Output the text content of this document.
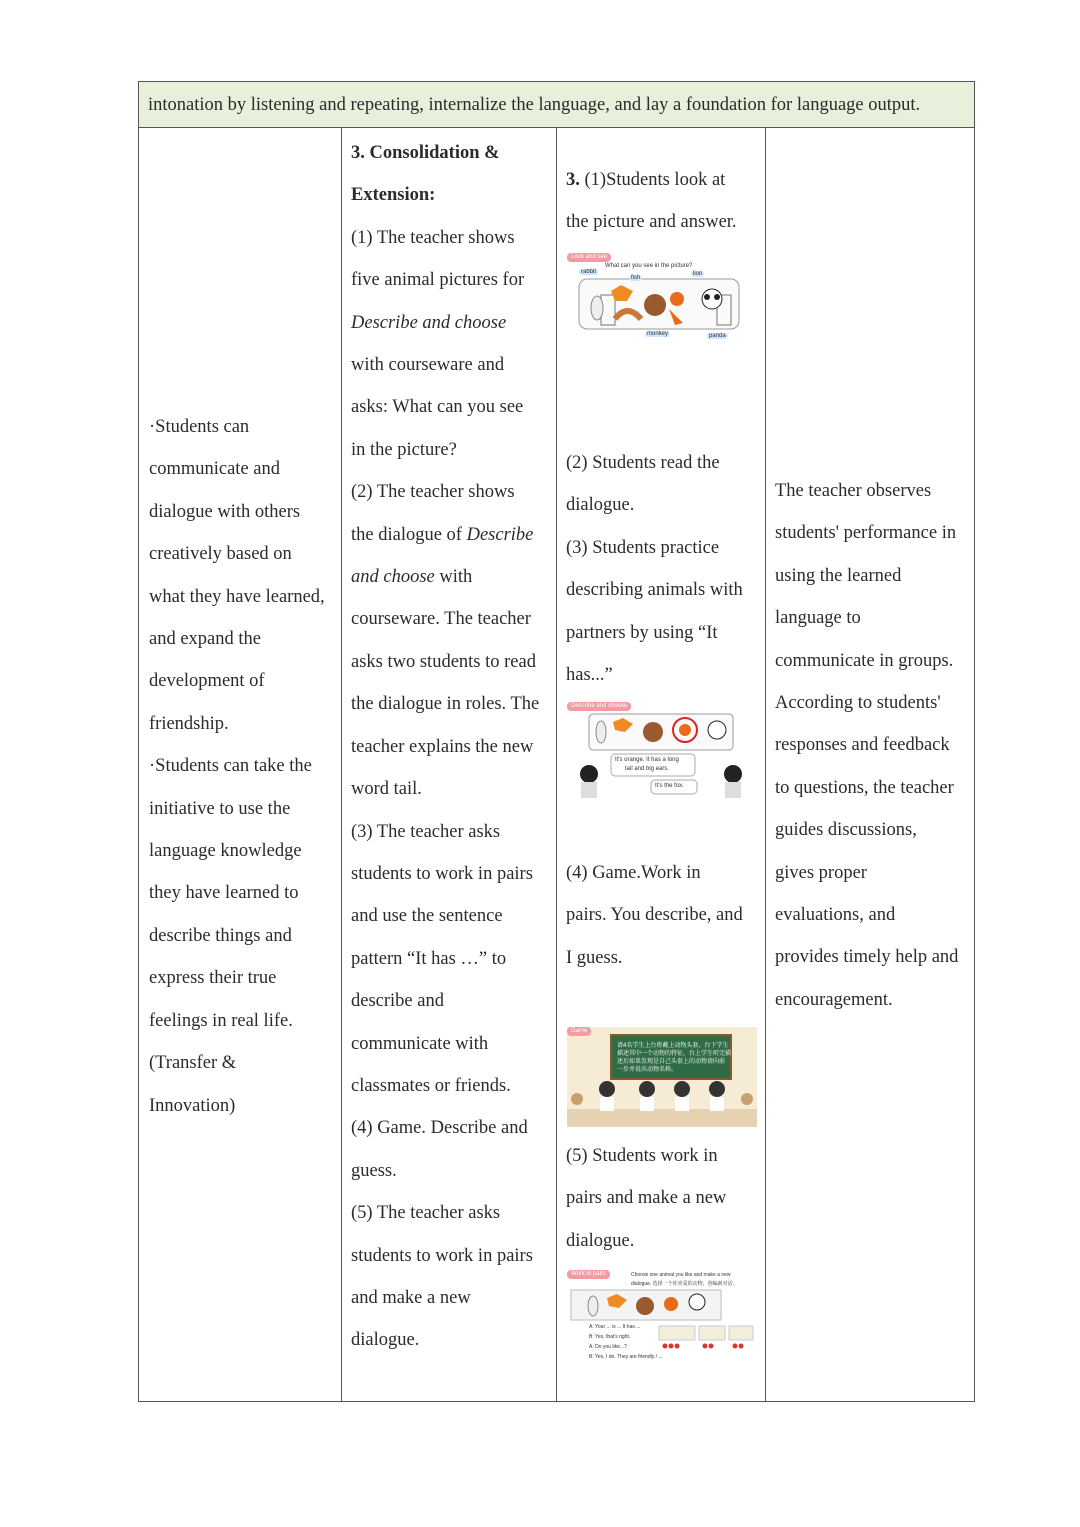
intonation by listening and repeating, internalize the language, and lay a foundation for language output.

·Students can

communicate and

dialogue with others

creatively based on

what they have learned,

and expand the

development of

friendship.

·Students can take the

initiative to use the

language knowledge

they have learned to

describe things and

express their true

feelings in real life.

(Transfer &

Innovation)

3. Consolidation &

Extension:

(1) The teacher shows

five animal pictures for

Describe and choose

with courseware and

asks: What can you see

in the picture?

(2) The teacher shows

the dialogue of Describe

and choose with

courseware. The teacher

asks two students to read

the dialogue in roles. The

teacher explains the new

word tail.

(3) The teacher asks

students to work in pairs

and use the sentence

pattern “It has …” to

describe and

communicate with

classmates or friends.

(4) Game. Describe and

guess.

(5) The teacher asks

students to work in pairs

and make a new

dialogue.

3. (1)Students look at

the picture and answer.

Look and see
What can you see in the picture?
rabbit
fish
lion
monkey	panda

(2) Students read the

dialogue.

(3) Students practice

describing animals with

partners by using “It

has...”

Describe and choose
It's orange. It has a long
tail and big ears.
It's the fox.

(4) Game.Work in

pairs. You describe, and

I guess.

Game
请4名学生上台将戴上动物头套，台下学生
描述其中一个动物的特征，台上学生听完描
述后如果发现是自己头套上的动物请向前
一步并说出动物名称。

(5) Students work in

pairs and make a new

dialogue.

Work in pairs	Choose one animal you like and make a new
dialogue. 选择一个你喜爱的动物，创编新对话。
A: Your ... is ... It has ...
B: Yes, that's right.
A: Do you like...?
B: Yes, I do. They are friendly / ...

The teacher observes

students' performance in

using the learned

language to

communicate in groups.

According to students'

responses and feedback

to questions, the teacher

guides discussions,

gives proper

evaluations, and

provides timely help and

encouragement.
